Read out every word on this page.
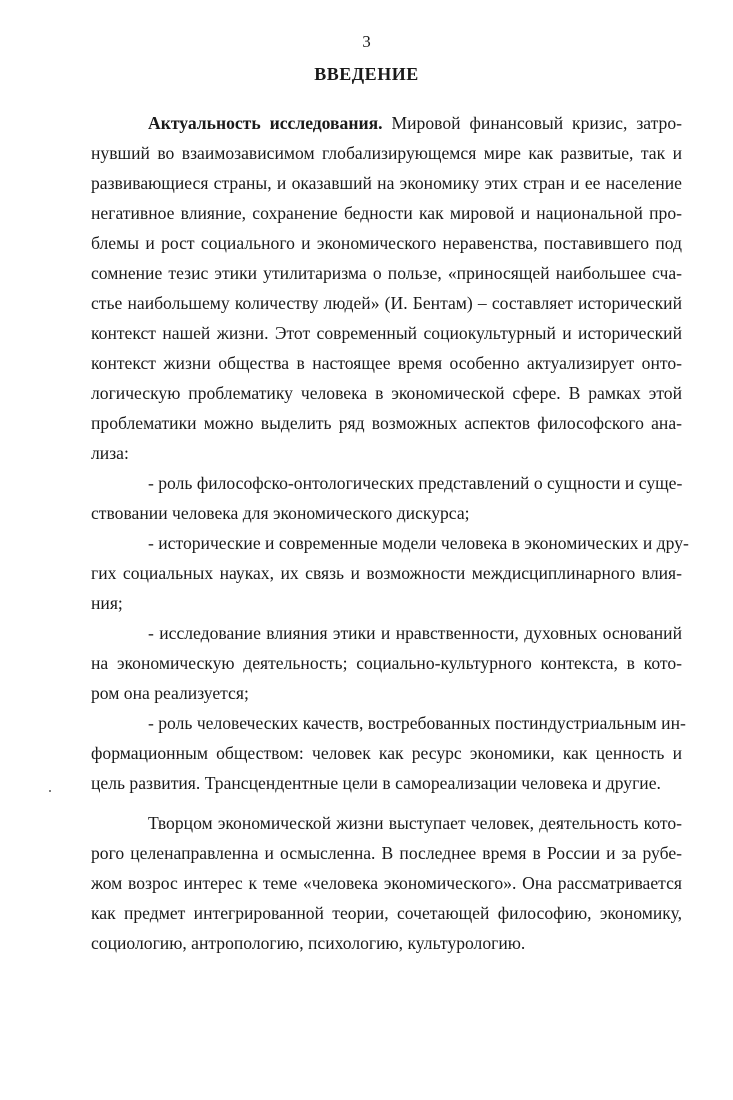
3
ВВЕДЕНИЕ
Актуальность исследования. Мировой финансовый кризис, затро-
нувший во взаимозависимом глобализирующемся мире как развитые, так и
развивающиеся страны, и оказавший на экономику этих стран и ее население
негативное влияние, сохранение бедности как мировой и национальной про-
блемы и рост социального и экономического неравенства, поставившего под
сомнение тезис этики утилитаризма о пользе, «приносящей наибольшее сча-
стье наибольшему количеству людей» (И. Бентам) – составляет исторический
контекст нашей жизни. Этот современный социокультурный и исторический
контекст жизни общества в настоящее время особенно актуализирует онто-
логическую проблематику человека в экономической сфере. В рамках этой
проблематики можно выделить ряд возможных аспектов философского ана-
лиза:
- роль философско-онтологических представлений о сущности и суще-
ствовании человека для экономического дискурса;
- исторические и современные модели человека в экономических и дру-
гих социальных науках, их связь и возможности междисциплинарного влия-
ния;
- исследование влияния этики и нравственности, духовных оснований
на экономическую деятельность; социально-культурного контекста, в кото-
ром она реализуется;
- роль человеческих качеств, востребованных постиндустриальным ин-
формационным обществом: человек как ресурс экономики, как ценность и
цель развития. Трансцендентные цели в самореализации человека и другие.
Творцом экономической жизни выступает человек, деятельность кото-
рого целенаправленна и осмысленна. В последнее время в России и за рубе-
жом возрос интерес к теме «человека экономического». Она рассматривается
как предмет интегрированной теории, сочетающей философию, экономику,
социологию, антропологию, психологию, культурологию.
